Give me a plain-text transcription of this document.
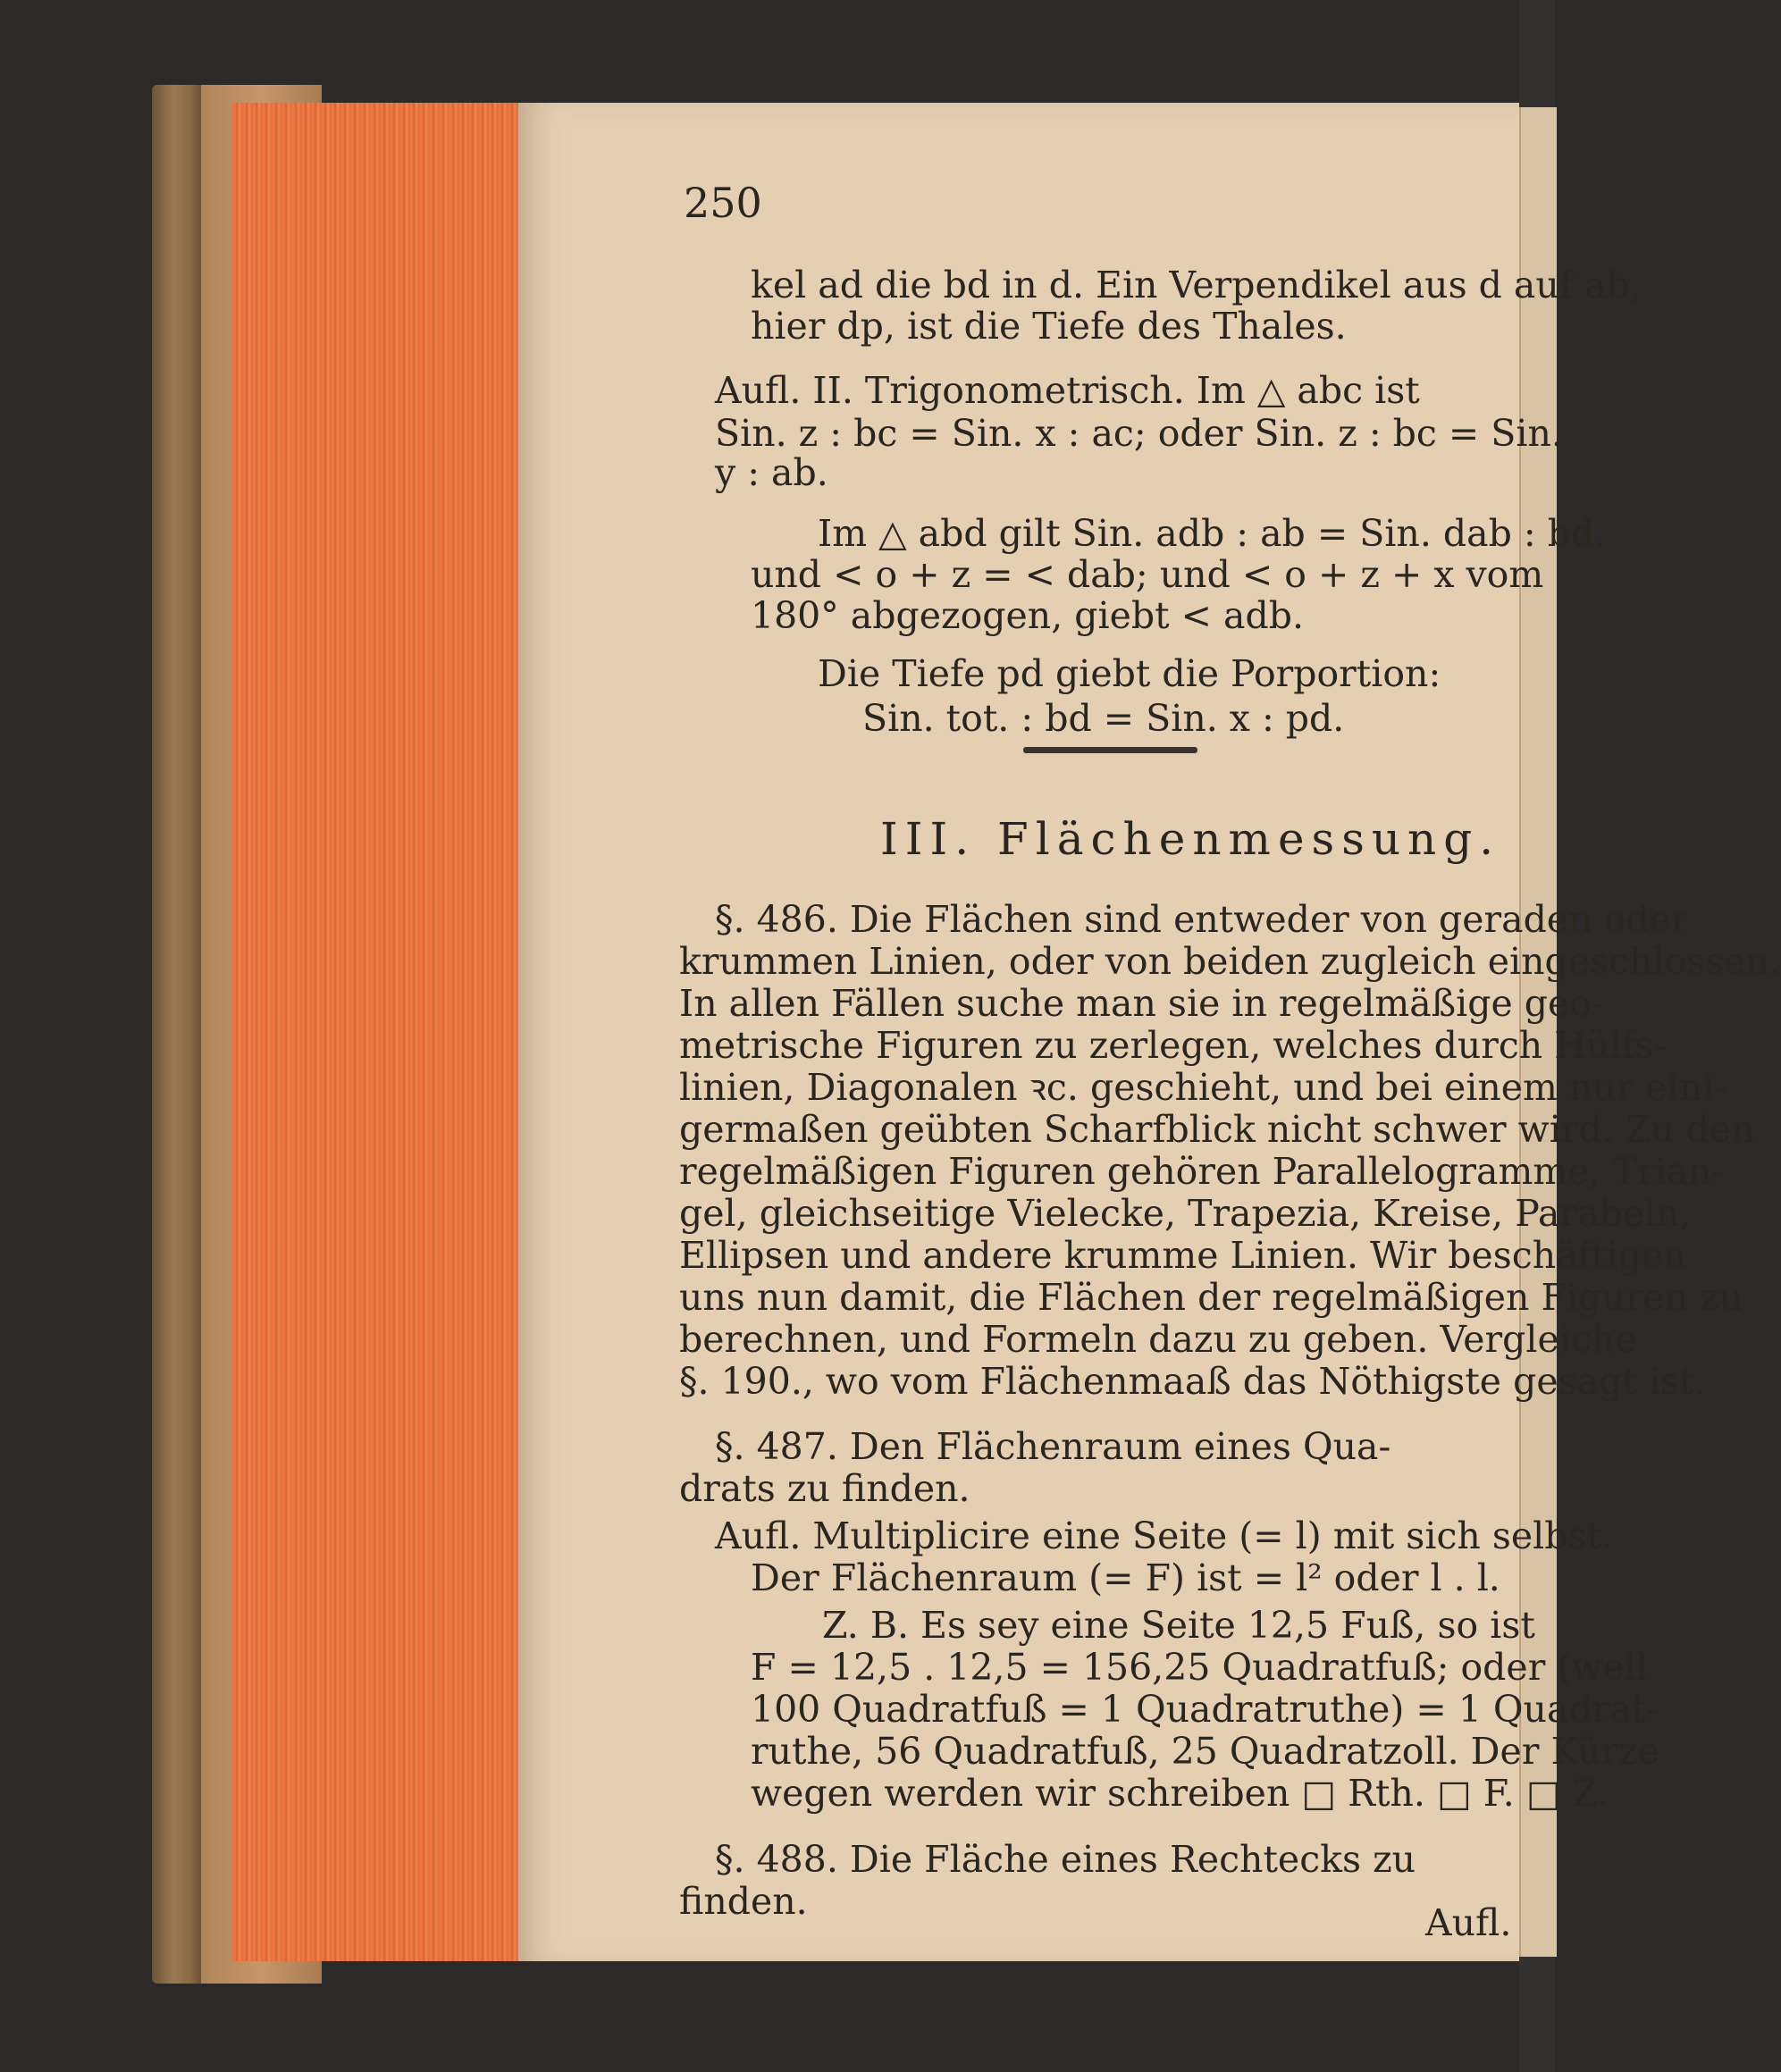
250
kel ad die bd in d. Ein Verpendikel aus d auf ab,
hier dp, ist die Tiefe des Thales.
Aufl. II. Trigonometrisch. Im △ abc ist
Sin. z : bc = Sin. x : ac; oder Sin. z : bc = Sin.
y : ab.
Im △ abd gilt Sin. adb : ab = Sin. dab : bd.
und < o + z = < dab; und < o + z + x vom
180° abgezogen, giebt < adb.
Die Tiefe pd giebt die Porportion:
Sin. tot. : bd = Sin. x : pd.
III. Flächenmessung.
§. 486. Die Flächen sind entweder von geraden oder
krummen Linien, oder von beiden zugleich eingeschlossen.
In allen Fällen suche man sie in regelmäßige geo-
metrische Figuren zu zerlegen, welches durch Hülfs-
linien, Diagonalen ꝛc. geschieht, und bei einem nur eini-
germaßen geübten Scharfblick nicht schwer wird. Zu den
regelmäßigen Figuren gehören Parallelogramme, Trian-
gel, gleichseitige Vielecke, Trapezia, Kreise, Parabeln,
Ellipsen und andere krumme Linien. Wir beschäftigen
uns nun damit, die Flächen der regelmäßigen Figuren zu
berechnen, und Formeln dazu zu geben. Vergleiche
§. 190., wo vom Flächenmaaß das Nöthigste gesagt ist.
§. 487. Den Flächenraum eines Qua-
drats zu finden.
Aufl. Multiplicire eine Seite (= l) mit sich selbst.
Der Flächenraum (= F) ist = l² oder l . l.
Z. B. Es sey eine Seite 12,5 Fuß, so ist
F = 12,5 . 12,5 = 156,25 Quadratfuß; oder (weil
100 Quadratfuß = 1 Quadratruthe) = 1 Quadrat-
ruthe, 56 Quadratfuß, 25 Quadratzoll. Der Kürze
wegen werden wir schreiben □ Rth. □ F. □ Z.
§. 488. Die Fläche eines Rechtecks zu
finden.	Aufl.
